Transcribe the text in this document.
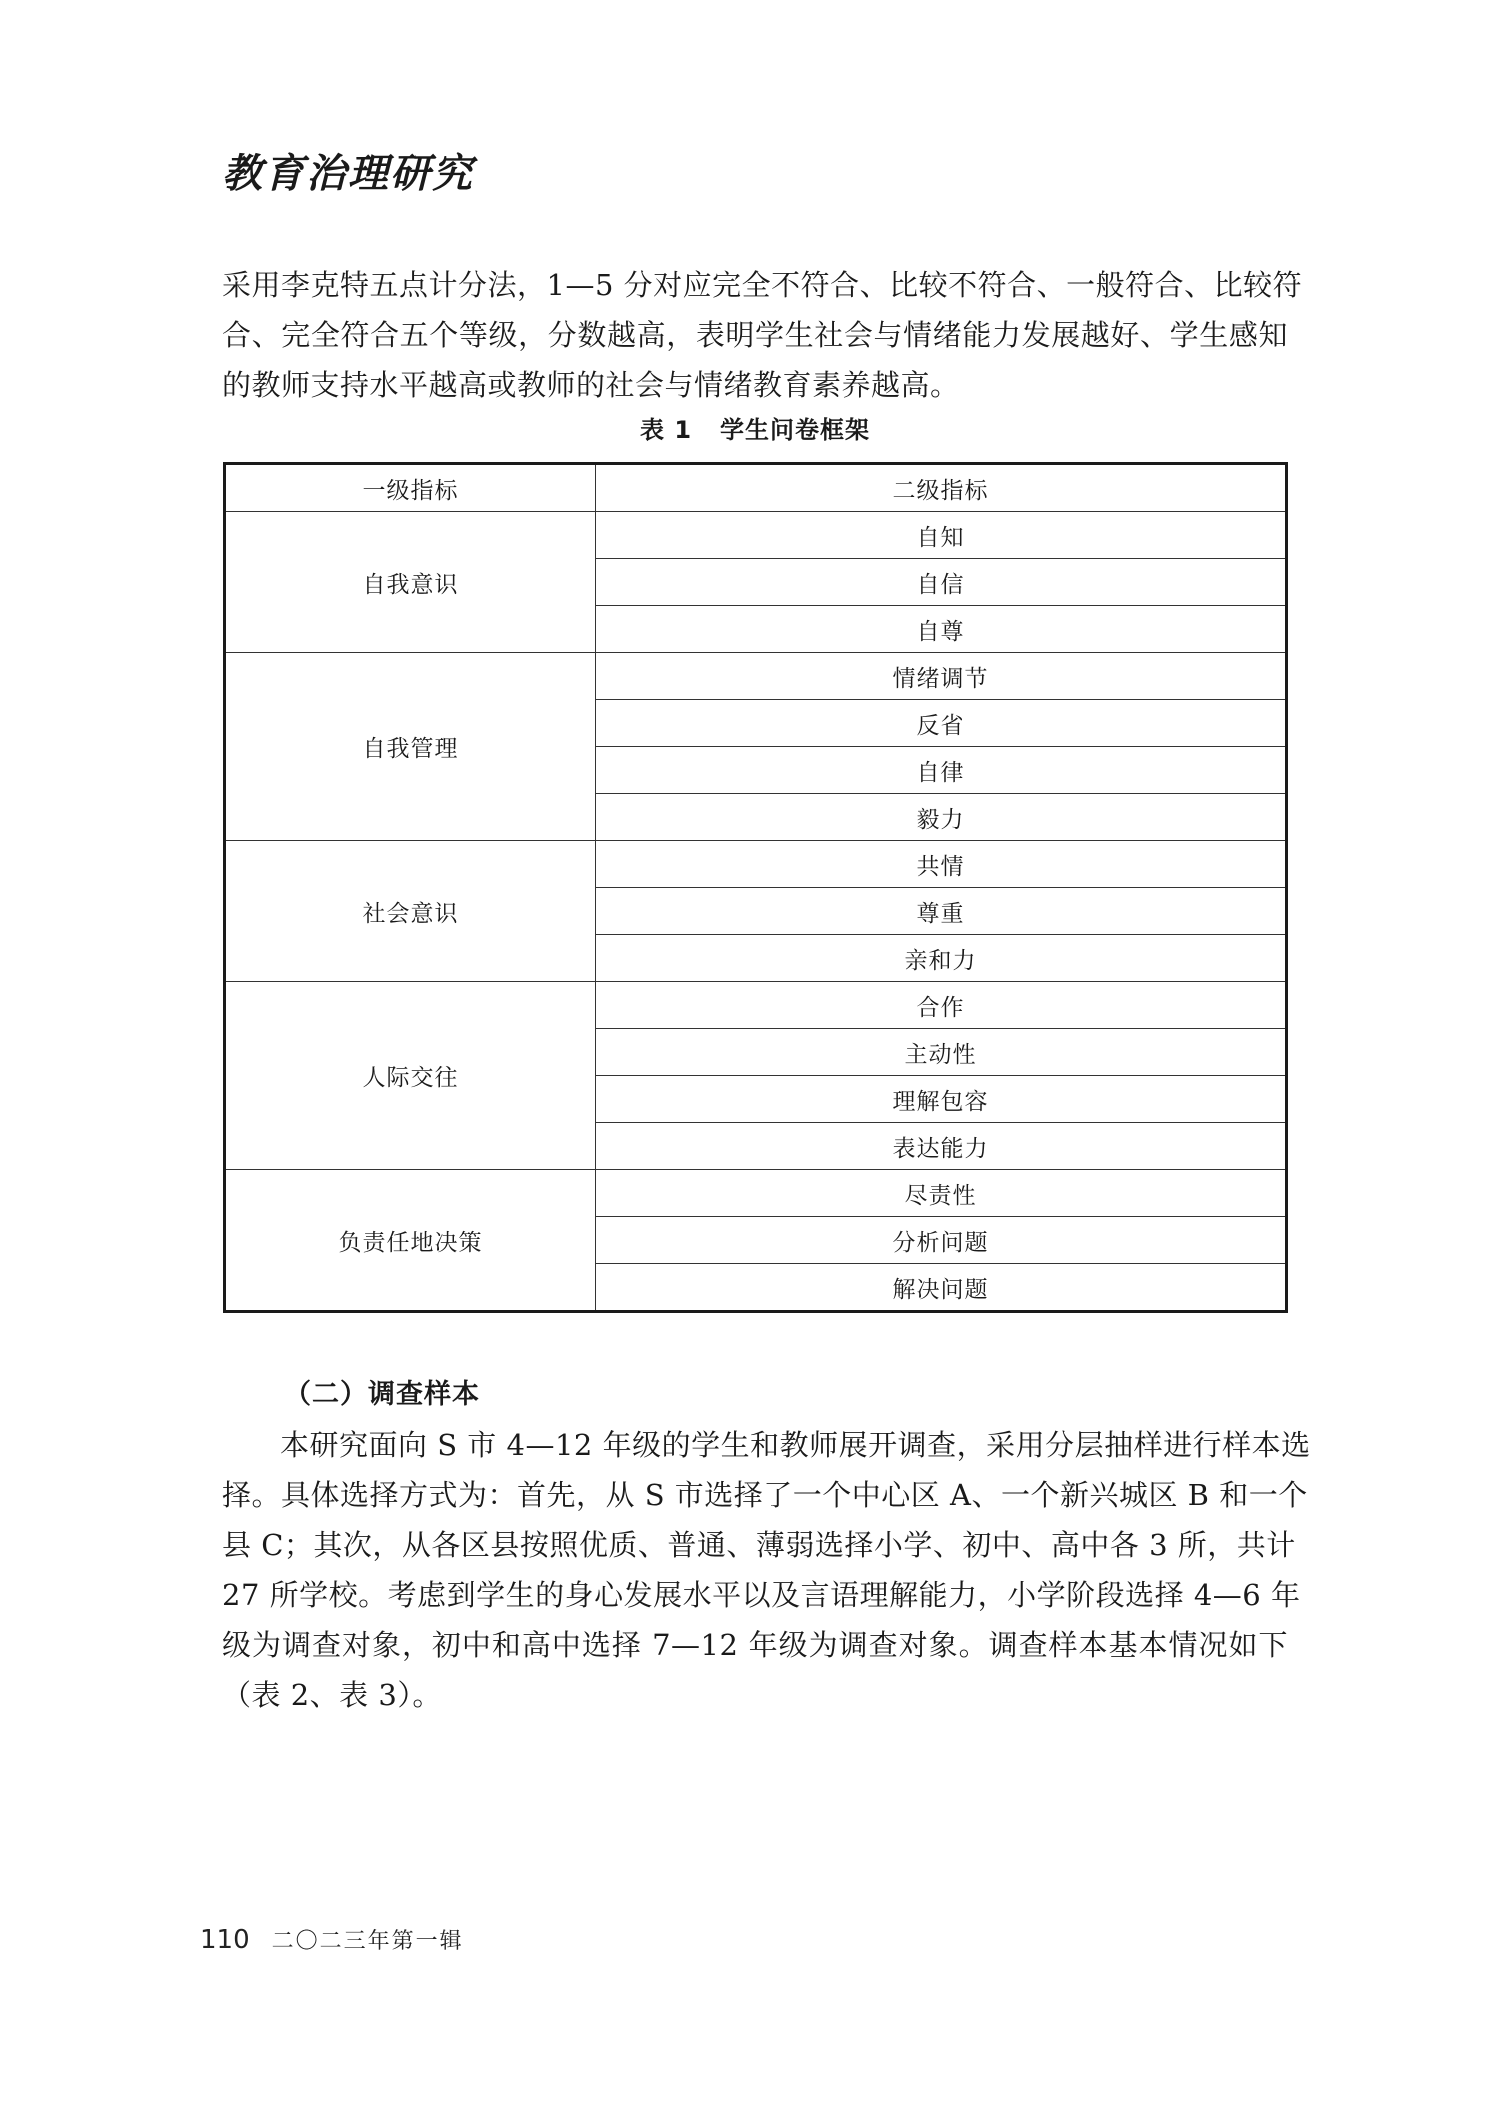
教育治理研究
采用李克特五点计分法，1—5 分对应完全不符合、比较不符合、一般符合、比较符
合、完全符合五个等级，分数越高，表明学生社会与情绪能力发展越好、学生感知
的教师支持水平越高或教师的社会与情绪教育素养越高。
表 1 学生问卷框架
一级指标	二级指标
自我意识	自知
	自信
	自尊
自我管理	情绪调节
	反省
	自律
	毅力
社会意识	共情
	尊重
	亲和力
人际交往	合作
	主动性
	理解包容
	表达能力
负责任地决策	尽责性
	分析问题
	解决问题
（二）调查样本
本研究面向 S 市 4—12 年级的学生和教师展开调查，采用分层抽样进行样本选
择。具体选择方式为：首先，从 S 市选择了一个中心区 A、一个新兴城区 B 和一个
县 C；其次，从各区县按照优质、普通、薄弱选择小学、初中、高中各 3 所，共计
27 所学校。考虑到学生的身心发展水平以及言语理解能力，小学阶段选择 4—6 年
级为调查对象，初中和高中选择 7—12 年级为调查对象。调查样本基本情况如下
（表 2、表 3）。
110 二〇二三年第一辑
